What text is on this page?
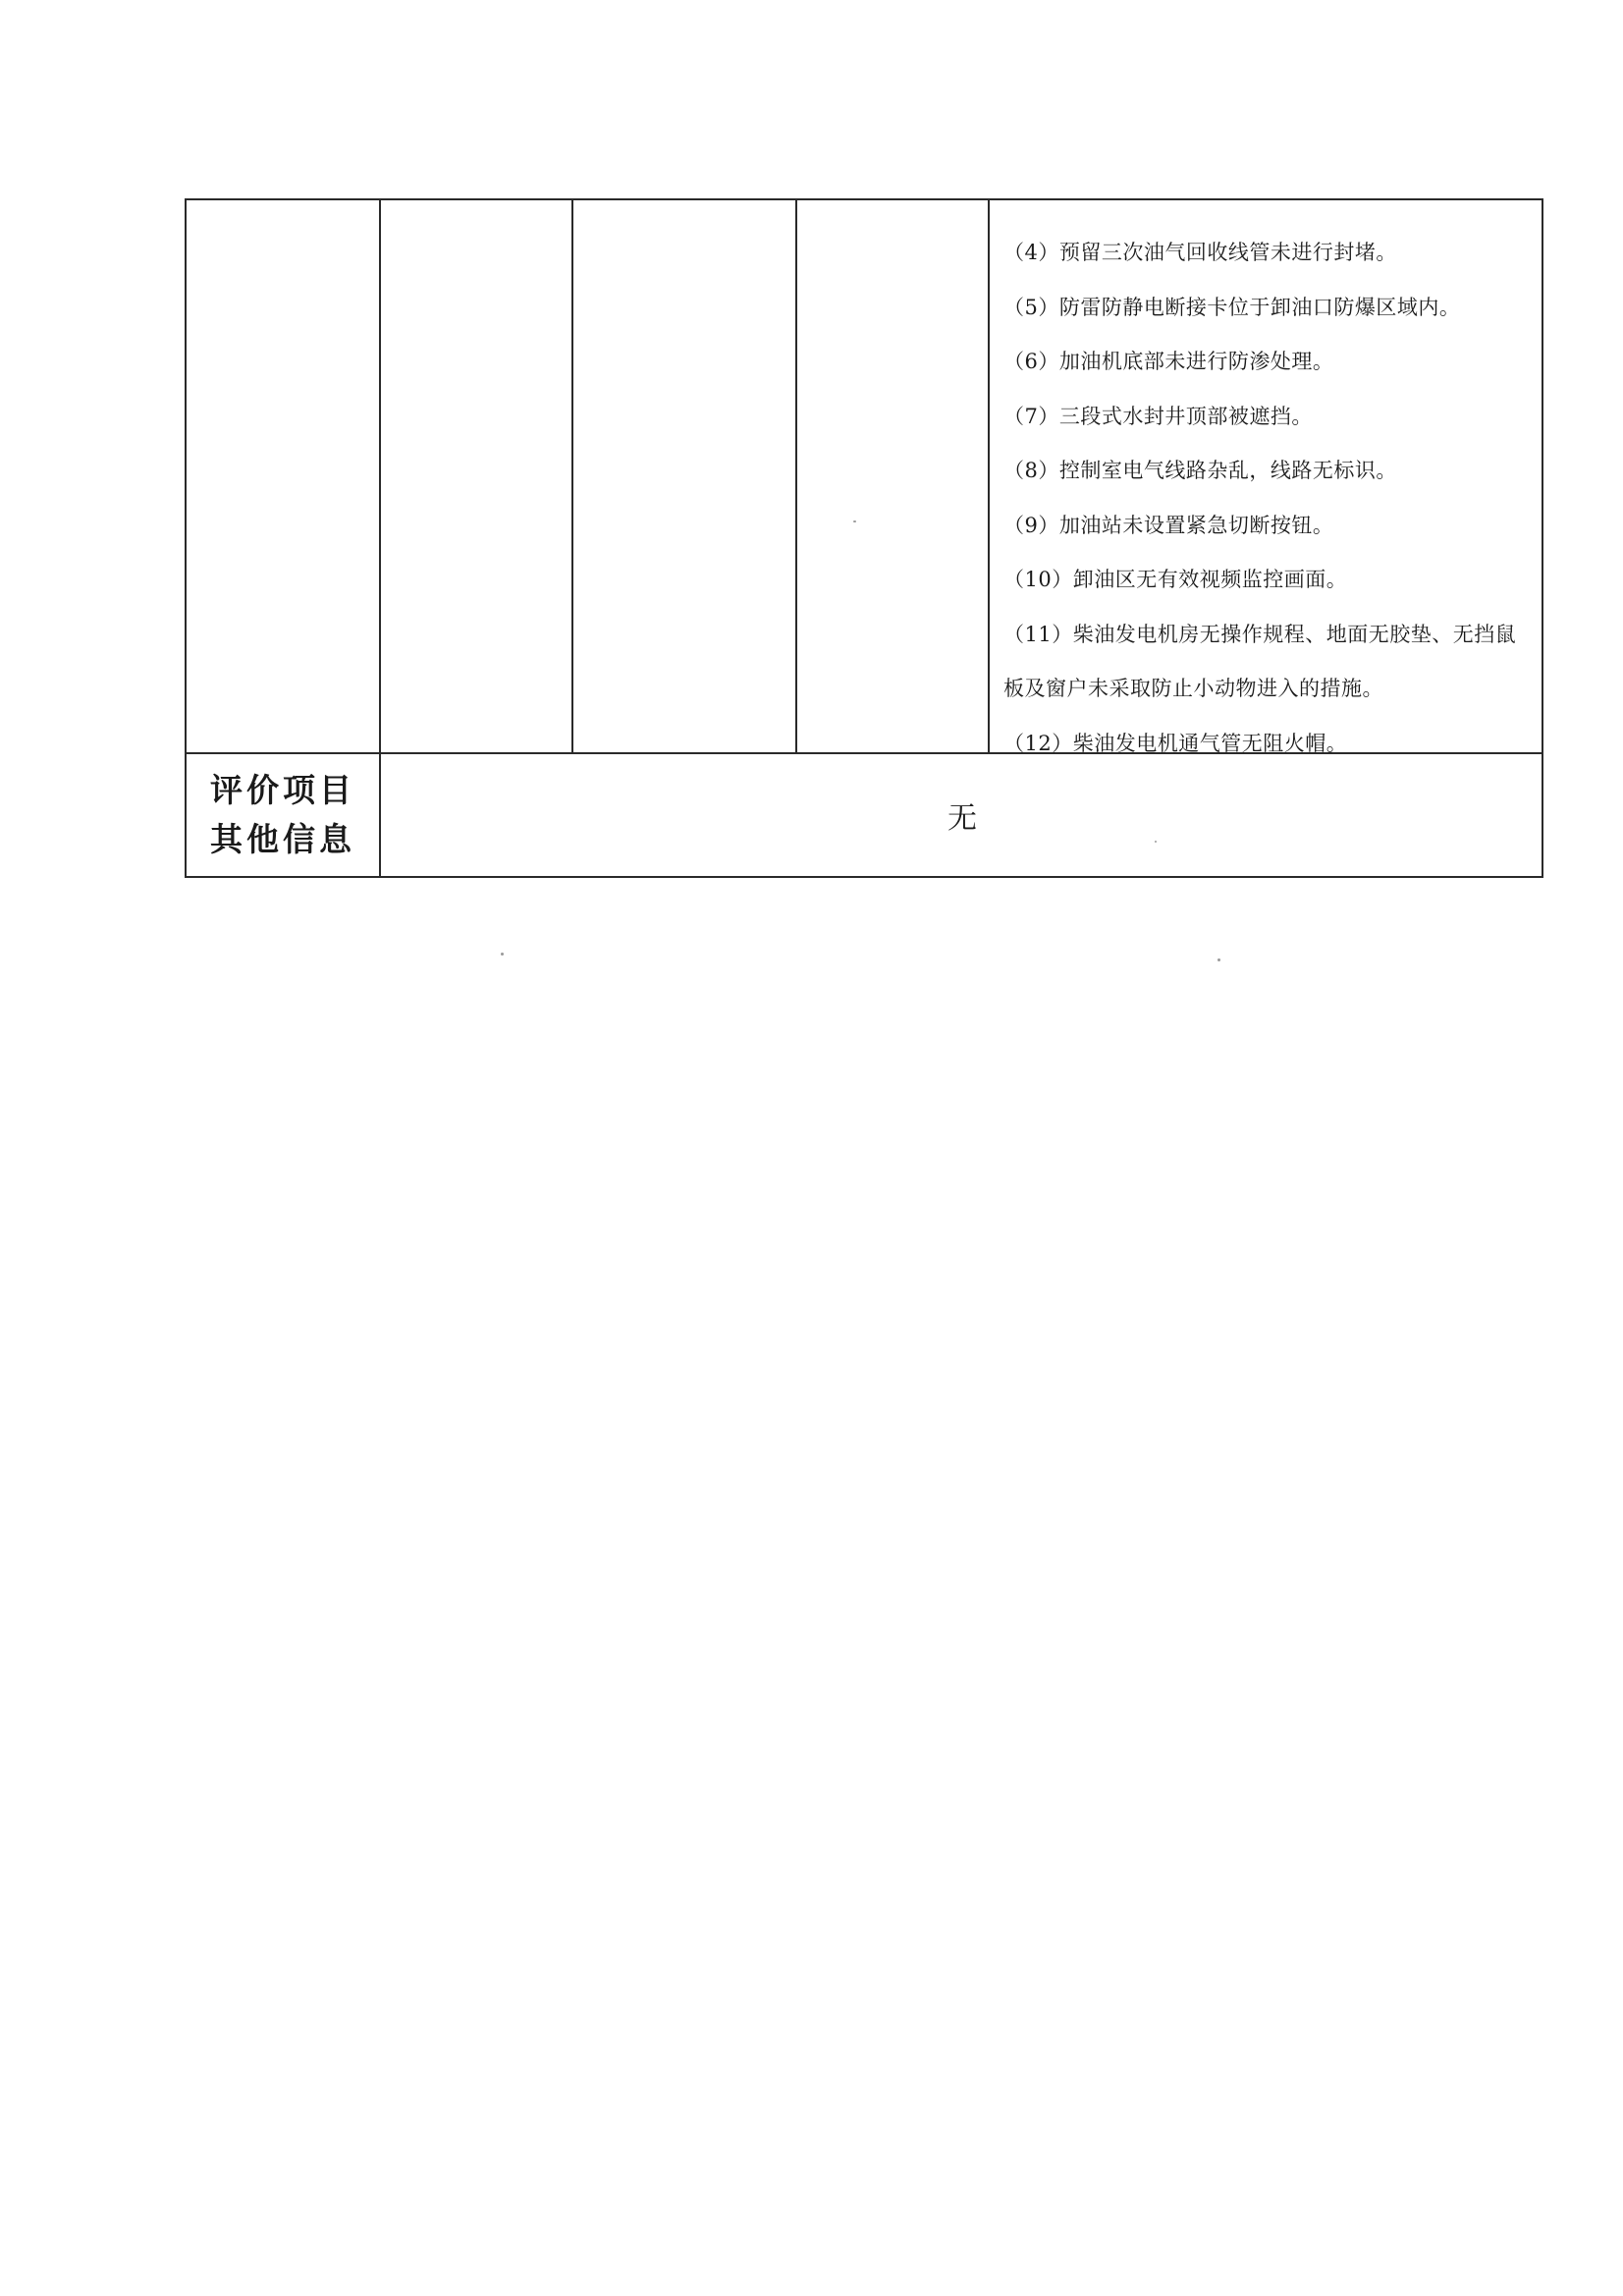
（4）预留三次油气回收线管未进行封堵。

（5）防雷防静电断接卡位于卸油口防爆区域内。

（6）加油机底部未进行防渗处理。

（7）三段式水封井顶部被遮挡。

（8）控制室电气线路杂乱，线路无标识。

（9）加油站未设置紧急切断按钮。

（10）卸油区无有效视频监控画面。

（11）柴油发电机房无操作规程、地面无胶垫、无挡鼠板及窗户未采取防止小动物进入的措施。

（12）柴油发电机通气管无阻火帽。

评价项目
其他信息
无
